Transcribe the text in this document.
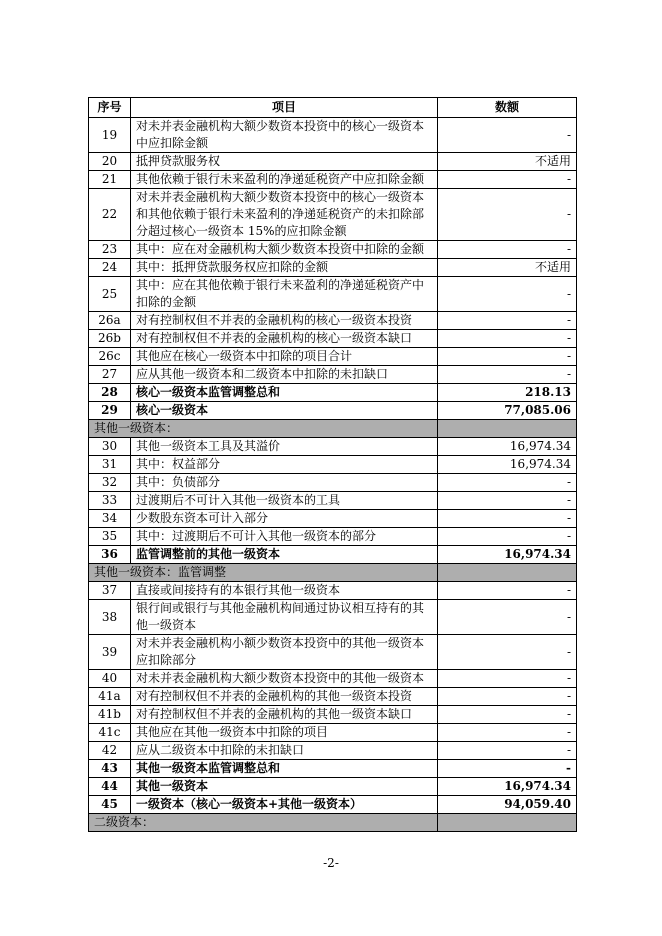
序号	项目	数额
19	对未并表金融机构大额少数资本投资中的核心一级资本中应扣除金额	-
20	抵押贷款服务权	不适用
21	其他依赖于银行未来盈利的净递延税资产中应扣除金额	-
22	对未并表金融机构大额少数资本投资中的核心一级资本和其他依赖于银行未来盈利的净递延税资产的未扣除部分超过核心一级资本 15%的应扣除金额	-
23	其中：应在对金融机构大额少数资本投资中扣除的金额	-
24	其中：抵押贷款服务权应扣除的金额	不适用
25	其中：应在其他依赖于银行未来盈利的净递延税资产中扣除的金额	-
26a	对有控制权但不并表的金融机构的核心一级资本投资	-
26b	对有控制权但不并表的金融机构的核心一级资本缺口	-
26c	其他应在核心一级资本中扣除的项目合计	-
27	应从其他一级资本和二级资本中扣除的未扣缺口	-
28	核心一级资本监管调整总和	218.13
29	核心一级资本	77,085.06
其他一级资本：		
30	其他一级资本工具及其溢价	16,974.34
31	其中：权益部分	16,974.34
32	其中：负债部分	-
33	过渡期后不可计入其他一级资本的工具	-
34	少数股东资本可计入部分	-
35	其中：过渡期后不可计入其他一级资本的部分	-
36	监管调整前的其他一级资本	16,974.34
其他一级资本：监管调整		
37	直接或间接持有的本银行其他一级资本	-
38	银行间或银行与其他金融机构间通过协议相互持有的其他一级资本	-
39	对未并表金融机构小额少数资本投资中的其他一级资本应扣除部分	-
40	对未并表金融机构大额少数资本投资中的其他一级资本	-
41a	对有控制权但不并表的金融机构的其他一级资本投资	-
41b	对有控制权但不并表的金融机构的其他一级资本缺口	-
41c	其他应在其他一级资本中扣除的项目	-
42	应从二级资本中扣除的未扣缺口	-
43	其他一级资本监管调整总和	-
44	其他一级资本	16,974.34
45	一级资本（核心一级资本+其他一级资本）	94,059.40
二级资本：		
-2-
